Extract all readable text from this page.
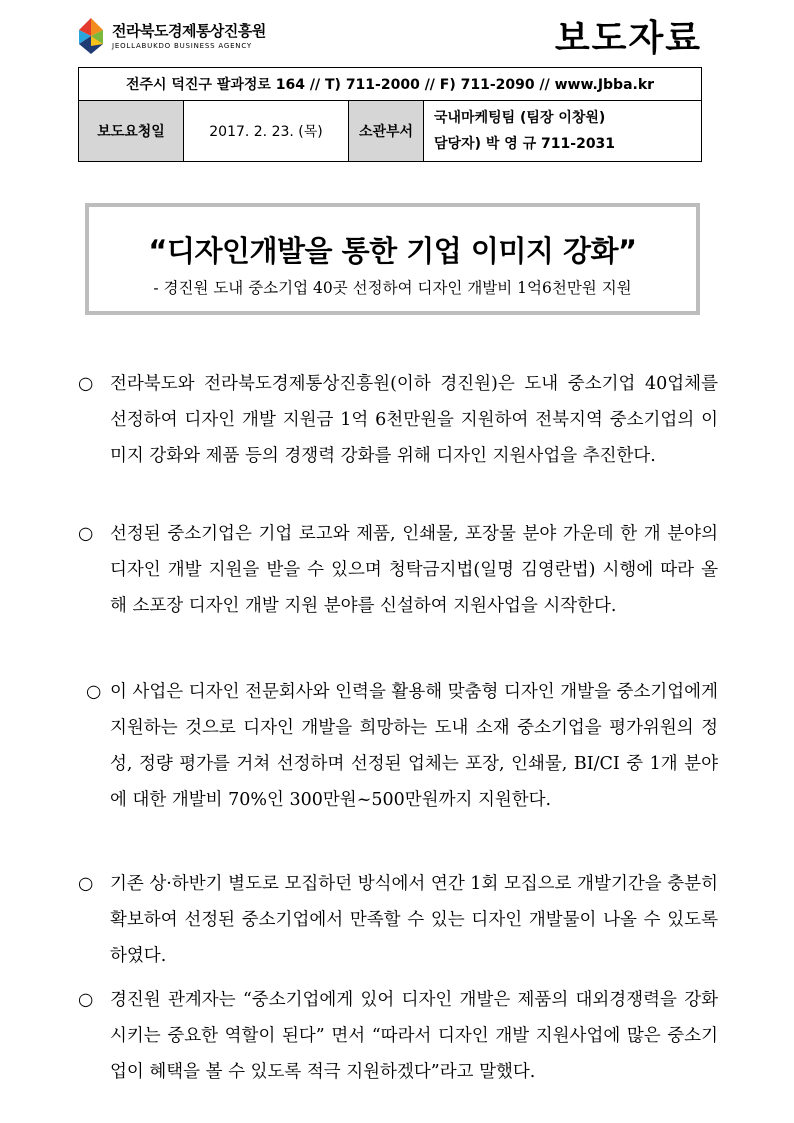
전라북도경제통상진흥원
JEOLLABUKDO BUSINESS AGENCY	보도자료
전주시 덕진구 팔과정로 164 // T) 711-2000 // F) 711-2090 // www.Jbba.kr
보도요청일	2017. 2. 23. (목)	소관부서	
국내마케팅팀 (팀장 이창원)
담당자) 박 영 규 711-2031
“디자인개발을 통한 기업 이미지 강화”
- 경진원 도내 중소기업 40곳 선정하여 디자인 개발비 1억6천만원 지원
○ 전라북도와 전라북도경제통상진흥원(이하 경진원)은 도내 중소기업 40업체를 선정하여 디자인 개발 지원금 1억 6천만원을 지원하여 전북지역 중소기업의 이미지 강화와 제품 등의 경쟁력 강화를 위해 디자인 지원사업을 추진한다.
○ 선정된 중소기업은 기업 로고와 제품, 인쇄물, 포장물 분야 가운데 한 개 분야의 디자인 개발 지원을 받을 수 있으며 청탁금지법(일명 김영란법) 시행에 따라 올해 소포장 디자인 개발 지원 분야를 신설하여 지원사업을 시작한다.
○ 이 사업은 디자인 전문회사와 인력을 활용해 맞춤형 디자인 개발을 중소기업에게 지원하는 것으로 디자인 개발을 희망하는 도내 소재 중소기업을 평가위원의 정성, 정량 평가를 거쳐 선정하며 선정된 업체는 포장, 인쇄물, BI/CI 중 1개 분야에 대한 개발비 70%인 300만원~500만원까지 지원한다.
○ 기존 상·하반기 별도로 모집하던 방식에서 연간 1회 모집으로 개발기간을 충분히 확보하여 선정된 중소기업에서 만족할 수 있는 디자인 개발물이 나올 수 있도록 하였다.
○ 경진원 관계자는 “중소기업에게 있어 디자인 개발은 제품의 대외경쟁력을 강화시키는 중요한 역할이 된다” 면서 “따라서 디자인 개발 지원사업에 많은 중소기업이 혜택을 볼 수 있도록 적극 지원하겠다”라고 말했다.
